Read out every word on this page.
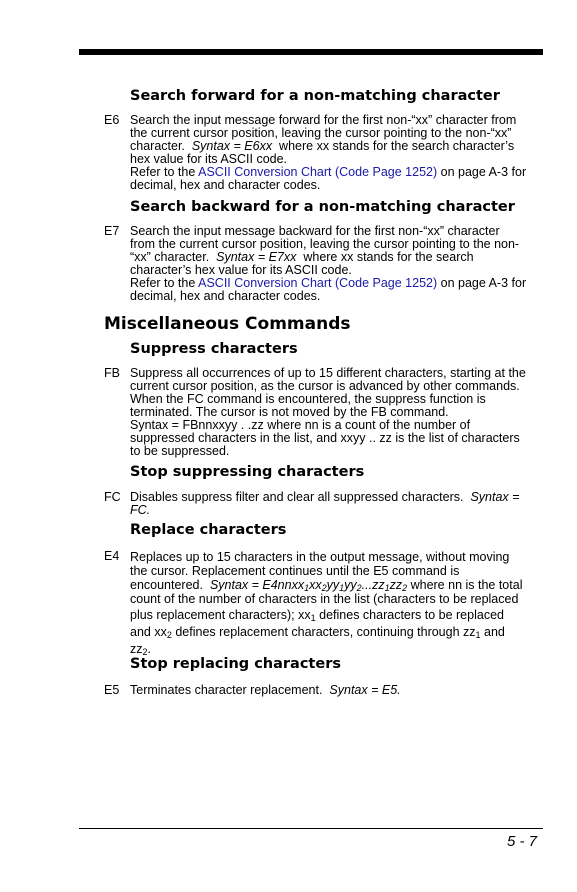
Search forward for a non-matching character
E6 Search the input message forward for the first non-“xx” character from
the current cursor position, leaving the cursor pointing to the non-“xx”
character. Syntax = E6xx where xx stands for the search character’s
hex value for its ASCII code.
Refer to the ASCII Conversion Chart (Code Page 1252) on page A-3 for
decimal, hex and character codes.
Search backward for a non-matching character
E7 Search the input message backward for the first non-“xx” character
from the current cursor position, leaving the cursor pointing to the non-
“xx” character. Syntax = E7xx where xx stands for the search
character’s hex value for its ASCII code.
Refer to the ASCII Conversion Chart (Code Page 1252) on page A-3 for
decimal, hex and character codes.
Miscellaneous Commands
Suppress characters
FB Suppress all occurrences of up to 15 different characters, starting at the
current cursor position, as the cursor is advanced by other commands.
When the FC command is encountered, the suppress function is
terminated. The cursor is not moved by the FB command.
Syntax = FBnnxxyy . .zz where nn is a count of the number of
suppressed characters in the list, and xxyy .. zz is the list of characters
to be suppressed.
Stop suppressing characters
FC Disables suppress filter and clear all suppressed characters. Syntax =
FC.
Replace characters
E4 Replaces up to 15 characters in the output message, without moving
the cursor. Replacement continues until the E5 command is
encountered. Syntax = $E4nnxx_1xx_2yy_1yy_2...zz_1zz_2$ where nn is the total
count of the number of characters in the list (characters to be replaced
plus replacement characters); $xx_1$ defines characters to be replaced
and $xx_2$ defines replacement characters, continuing through $zz_1$ and
$zz_2$.
Stop replacing characters
E5 Terminates character replacement. Syntax = E5.
5 - 7
